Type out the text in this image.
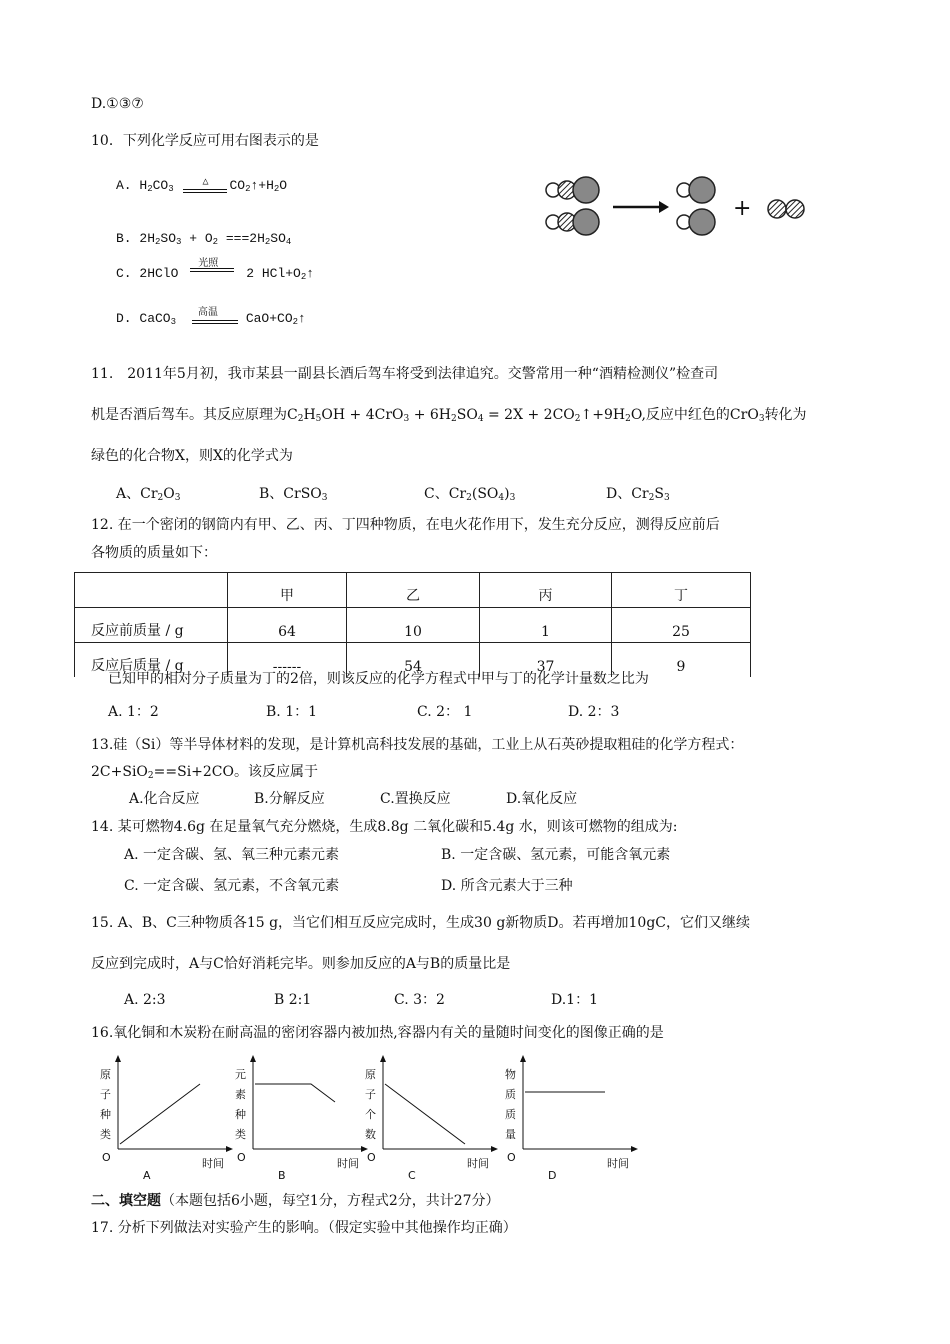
D.①③⑦
10．下列化学反应可用右图表示的是
A. $H_2CO_3$
△	$CO_2↑+H_2O$
B. $2H_2SO_3 + O_2 ===2H_2SO_4$
C. 2HClO
光照
2 $HCl+O_2↑$
D. CaCO$_3$
高温 $CaO+CO_2↑$
+
11.　2011年5月初，我市某县一副县长酒后驾车将受到法律追究。交警常用一种“酒精检测仪”检查司
机是否酒后驾车。其反应原理为$C_2H_5OH + 4CrO_3 + 6H_2SO_4 = 2X$ + $2CO_2↑+9H_2O$,反应中红色的CrO$_3$转化为
绿色的化合物X，则X的化学式为
A、$Cr_2O_3$	B、CrSO$_3$	C、$Cr_2(SO_4)_3$	D、$Cr_2S_3$
12. 在一个密闭的钢筒内有甲、乙、丙、丁四种物质，在电火花作用下，发生充分反应，测得反应前后
各物质的质量如下：
	甲	乙	丙	丁
反应前质量 / g	64	10	1	25
反应后质量 / g	------	54	37	9
已知甲的相对分子质量为丁的2倍，则该反应的化学方程式中甲与丁的化学计量数之比为
A. 1：2	B. 1：1	C. 2： 1	D. 2：3
13.硅（Si）等半导体材料的发现，是计算机高科技发展的基础，工业上从石英砂提取粗硅的化学方程式：
2C+SiO$_2$==Si+2CO。该反应属于
A.化合反应	B.分解反应	C.置换反应	D.氧化反应
14. 某可燃物4.6g 在足量氧气充分燃烧，生成8.8g 二氧化碳和5.4g 水，则该可燃物的组成为:
A. 一定含碳、氢、氧三种元素元素	B. 一定含碳、氢元素，可能含氧元素
C. 一定含碳、氢元素，不含氧元素	D. 所含元素大于三种
15. A、B、C三种物质各15 g，当它们相互反应完成时，生成30 g新物质D。若再增加10gC，它们又继续
反应到完成时，A与C恰好消耗完毕。则参加反应的A与B的质量比是
A. 2:3	B 2:1	C. 3：2	D.1：1
16.氧化铜和木炭粉在耐高温的密闭容器内被加热,容器内有关的量随时间变化的图像正确的是
原
子
种
类
O	时间
A
元
素
种
类
O	时间
B
原
子
个
数
O	时间
C
物
质
质
量
O	时间
D
二、填空题（本题包括6小题，每空1分，方程式2分，共计27分）
17. 分析下列做法对实验产生的影响。（假定实验中其他操作均正确）
